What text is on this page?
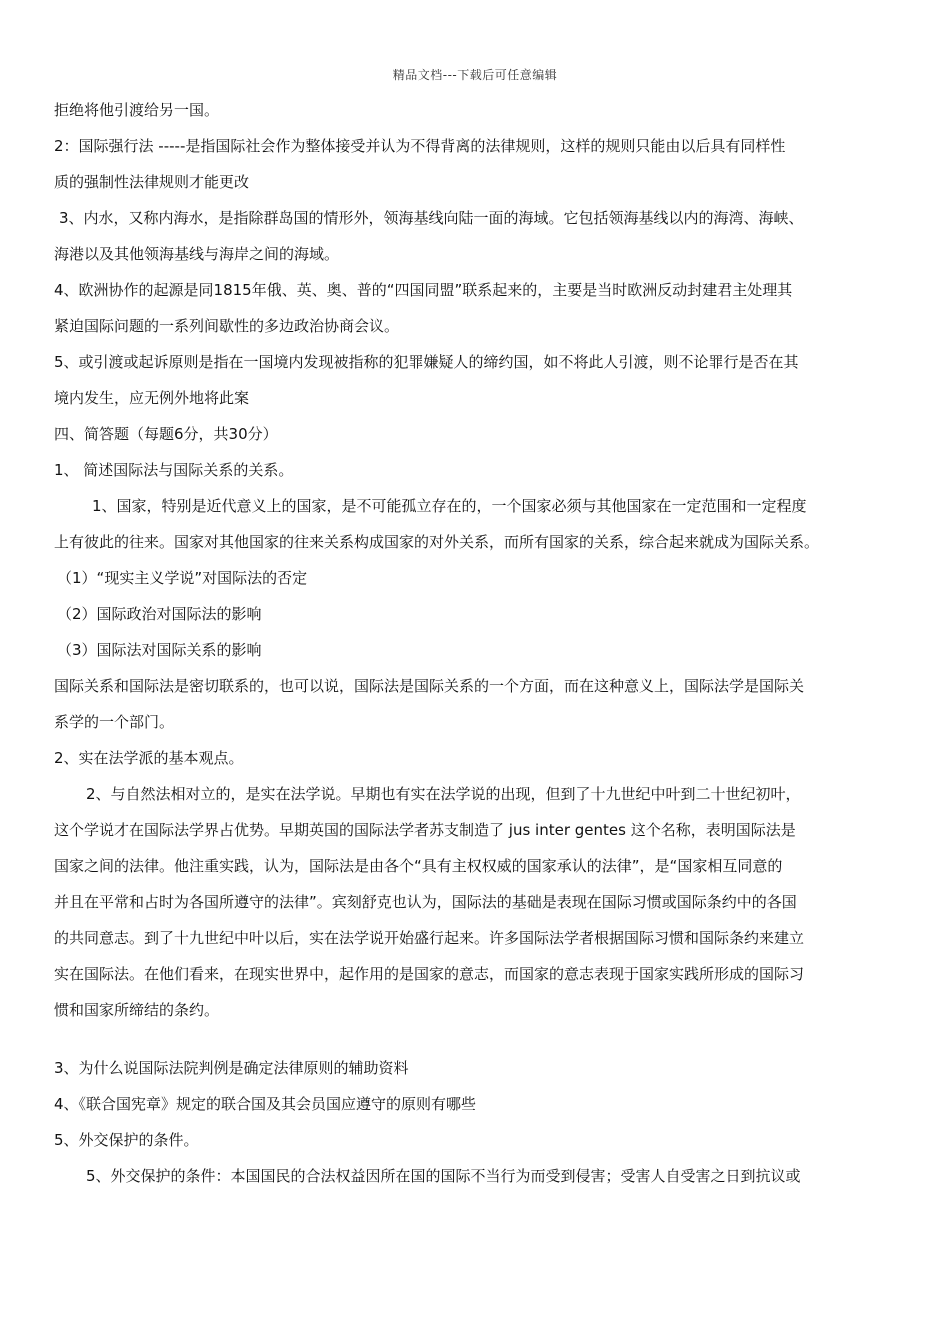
精品文档---下载后可任意编辑
拒绝将他引渡给另一国。
2：国际强行法 -----是指国际社会作为整体接受并认为不得背离的法律规则，这样的规则只能由以后具有同样性
质的强制性法律规则才能更改
3、内水，又称内海水，是指除群岛国的情形外，领海基线向陆一面的海域。它包括领海基线以内的海湾、海峡、
海港以及其他领海基线与海岸之间的海域。
4、欧洲协作的起源是同1815年俄、英、奥、普的“四国同盟”联系起来的，主要是当时欧洲反动封建君主处理其
紧迫国际问题的一系列间歇性的多边政治协商会议。
5、或引渡或起诉原则是指在一国境内发现被指称的犯罪嫌疑人的缔约国，如不将此人引渡，则不论罪行是否在其
境内发生，应无例外地将此案
四、简答题（每题6分，共30分）
1、 简述国际法与国际关系的关系。
1、国家，特别是近代意义上的国家，是不可能孤立存在的，一个国家必须与其他国家在一定范围和一定程度
上有彼此的往来。国家对其他国家的往来关系构成国家的对外关系，而所有国家的关系，综合起来就成为国际关系。
（1）“现实主义学说”对国际法的否定
（2）国际政治对国际法的影响
（3）国际法对国际关系的影响
国际关系和国际法是密切联系的，也可以说，国际法是国际关系的一个方面，而在这种意义上，国际法学是国际关
系学的一个部门。
2、实在法学派的基本观点。
2、与自然法相对立的，是实在法学说。早期也有实在法学说的出现，但到了十九世纪中叶到二十世纪初叶，
这个学说才在国际法学界占优势。早期英国的国际法学者苏支制造了 jus inter gentes 这个名称，表明国际法是
国家之间的法律。他注重实践，认为，国际法是由各个“具有主权权威的国家承认的法律”，是“国家相互同意的
并且在平常和占时为各国所遵守的法律”。宾刻舒克也认为，国际法的基础是表现在国际习惯或国际条约中的各国
的共同意志。到了十九世纪中叶以后，实在法学说开始盛行起来。许多国际法学者根据国际习惯和国际条约来建立
实在国际法。在他们看来，在现实世界中，起作用的是国家的意志，而国家的意志表现于国家实践所形成的国际习
惯和国家所缔结的条约。
3、为什么说国际法院判例是确定法律原则的辅助资料
4、《联合国宪章》规定的联合国及其会员国应遵守的原则有哪些
5、外交保护的条件。
5、外交保护的条件：本国国民的合法权益因所在国的国际不当行为而受到侵害；受害人自受害之日到抗议或
